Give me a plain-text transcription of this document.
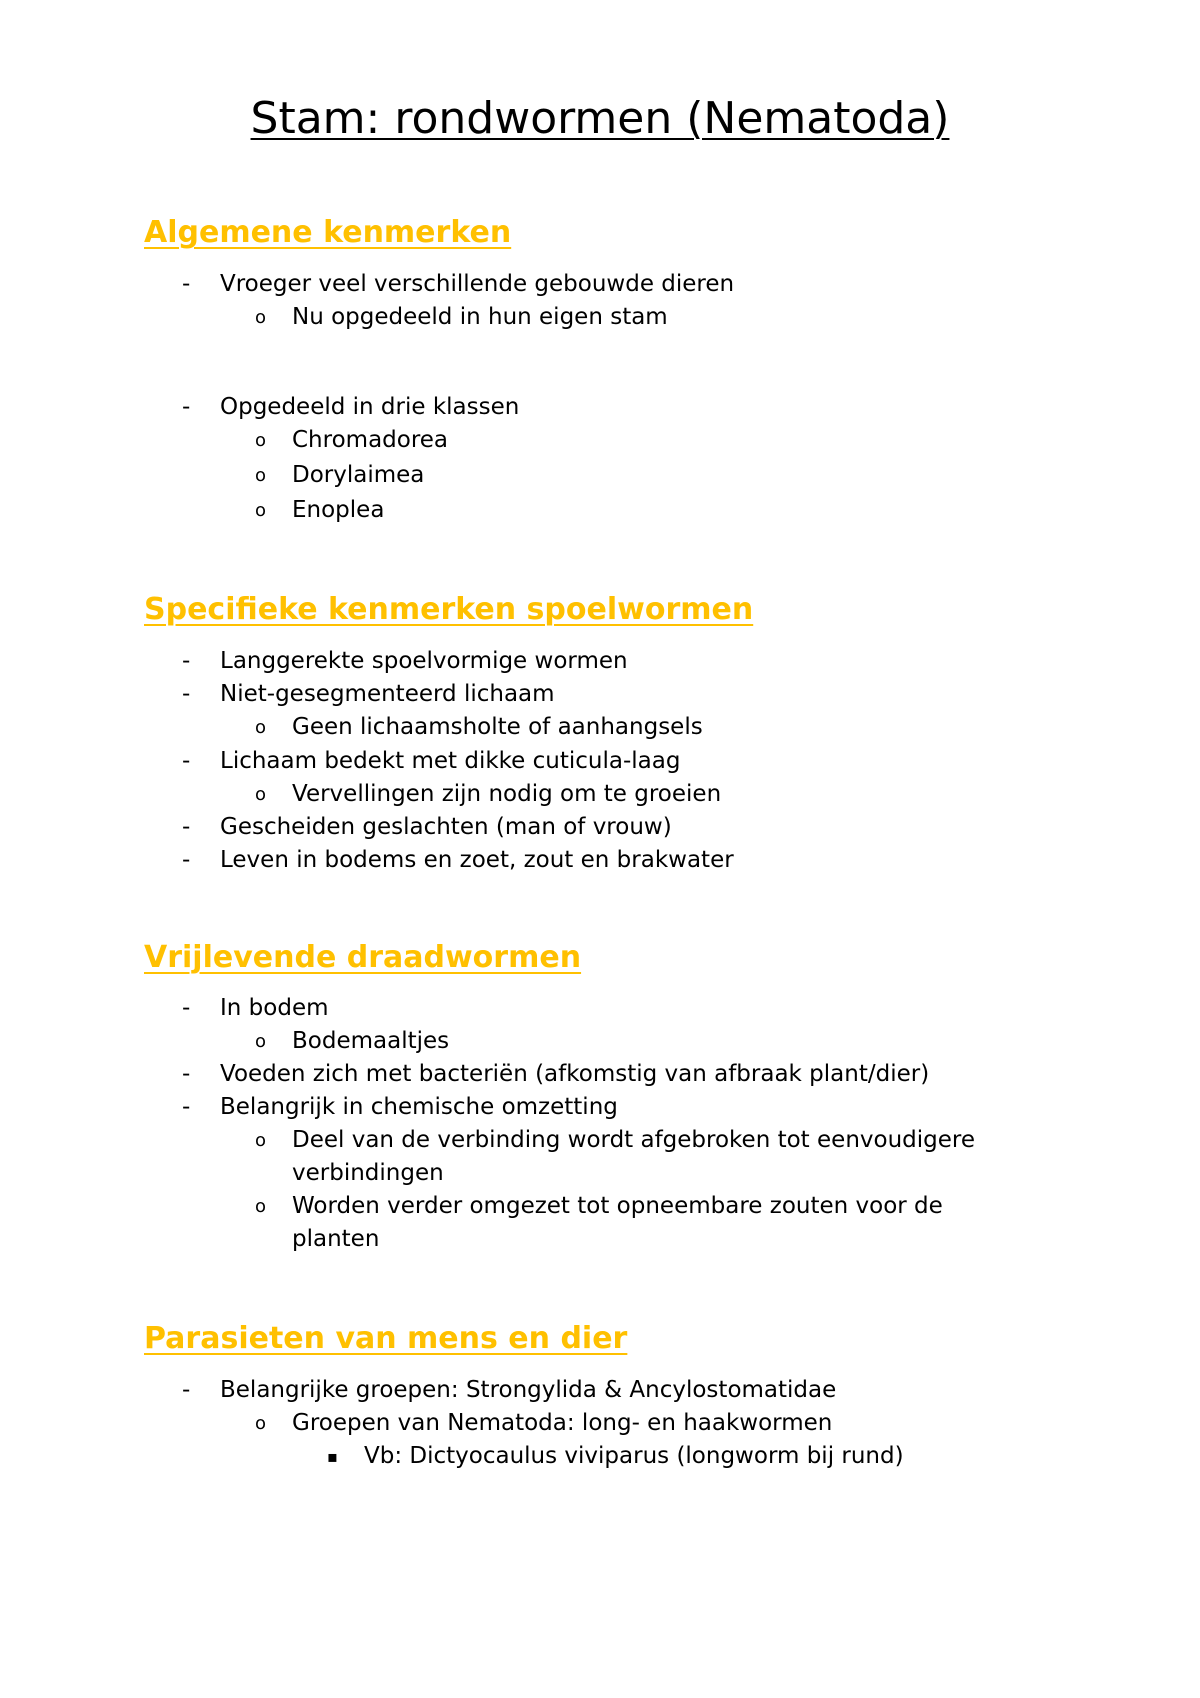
Stam: rondwormen (Nematoda)
Algemene kenmerken
- Vroeger veel verschillende gebouwde dieren
o Nu opgedeeld in hun eigen stam
- Opgedeeld in drie klassen
o Chromadorea
o Dorylaimea
o Enoplea
Specifieke kenmerken spoelwormen
- Langgerekte spoelvormige wormen
- Niet-gesegmenteerd lichaam
o Geen lichaamsholte of aanhangsels
- Lichaam bedekt met dikke cuticula-laag
o Vervellingen zijn nodig om te groeien
- Gescheiden geslachten (man of vrouw)
- Leven in bodems en zoet, zout en brakwater
Vrijlevende draadwormen
- In bodem
o Bodemaaltjes
- Voeden zich met bacteriën (afkomstig van afbraak plant/dier)
- Belangrijk in chemische omzetting
o Deel van de verbinding wordt afgebroken tot eenvoudigere
verbindingen
o Worden verder omgezet tot opneembare zouten voor de
planten
Parasieten van mens en dier
- Belangrijke groepen: Strongylida & Ancylostomatidae
o Groepen van Nematoda: long- en haakwormen
▪ Vb: Dictyocaulus viviparus (longworm bij rund)
